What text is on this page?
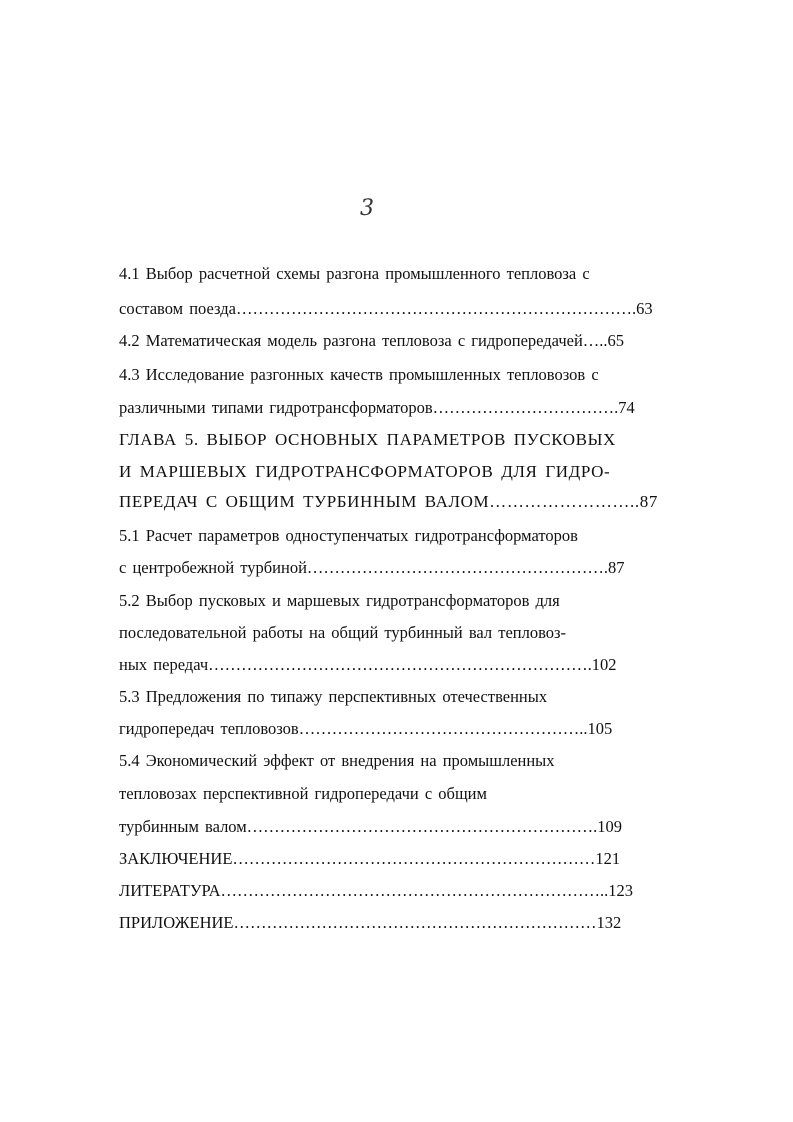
3
4.1 Выбор расчетной схемы разгона промышленного тепловоза с
составом поезда……………………………………………………………….63
4.2 Математическая модель разгона тепловоза с гидропередачей…..65
4.3 Исследование разгонных качеств промышленных тепловозов с
различными типами гидротрансформаторов…………………………….74
ГЛАВА 5. ВЫБОР ОСНОВНЫХ ПАРАМЕТРОВ ПУСКОВЫХ
И МАРШЕВЫХ ГИДРОТРАНСФОРМАТОРОВ ДЛЯ ГИДРО-
ПЕРЕДАЧ С ОБЩИМ ТУРБИННЫМ ВАЛОМ……………………..87
5.1 Расчет параметров одноступенчатых гидротрансформаторов
с центробежной турбиной……………………………………………….87
5.2 Выбор пусковых и маршевых гидротрансформаторов для
последовательной работы на общий турбинный вал тепловоз-
ных передач…………………………………………………………….102
5.3 Предложения по типажу перспективных отечественных
гидропередач тепловозов……………………………………………..105
5.4 Экономический эффект от внедрения на промышленных
тепловозах перспективной гидропередачи с общим
турбинным валом……………………………………………………….109
ЗАКЛЮЧЕНИЕ…………………………………………………………121
ЛИТЕРАТУРА……………………………………………………………..123
ПРИЛОЖЕНИЕ…………………………………………………………132
